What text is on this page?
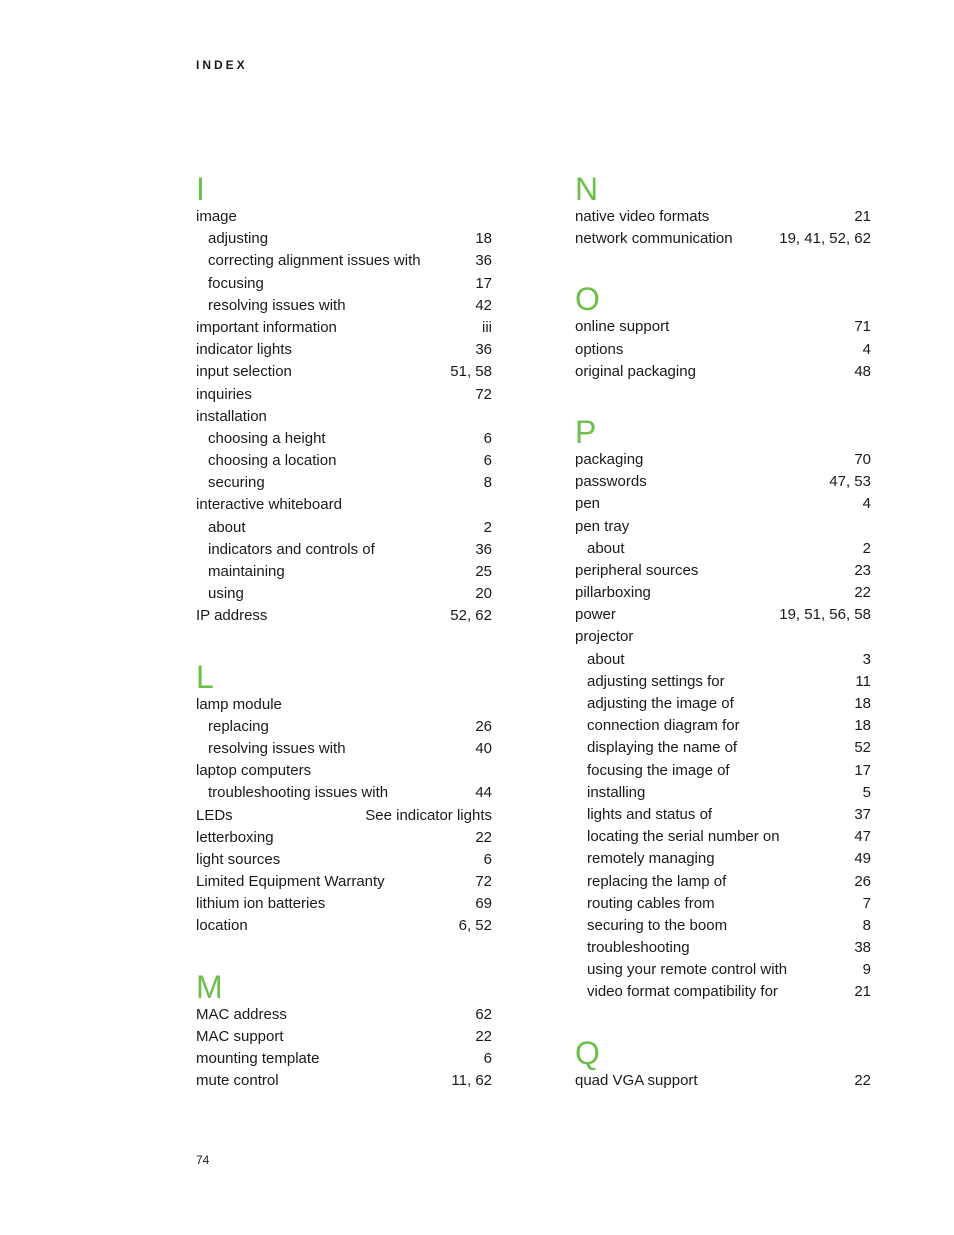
INDEX
I
image
adjusting	18
correcting alignment issues with	36
focusing	17
resolving issues with	42
important information	iii
indicator lights	36
input selection	51, 58
inquiries	72
installation
choosing a height	6
choosing a location	6
securing	8
interactive whiteboard
about	2
indicators and controls of	36
maintaining	25
using	20
IP address	52, 62
L
lamp module
replacing	26
resolving issues with	40
laptop computers
troubleshooting issues with	44
LEDs	See indicator lights
letterboxing	22
light sources	6
Limited Equipment Warranty	72
lithium ion batteries	69
location	6, 52
M
MAC address	62
MAC support	22
mounting template	6
mute control	11, 62
N
native video formats	21
network communication	19, 41, 52, 62
O
online support	71
options	4
original packaging	48
P
packaging	70
passwords	47, 53
pen	4
pen tray
about	2
peripheral sources	23
pillarboxing	22
power	19, 51, 56, 58
projector
about	3
adjusting settings for	11
adjusting the image of	18
connection diagram for	18
displaying the name of	52
focusing the image of	17
installing	5
lights and status of	37
locating the serial number on	47
remotely managing	49
replacing the lamp of	26
routing cables from	7
securing to the boom	8
troubleshooting	38
using your remote control with	9
video format compatibility for	21
Q
quad VGA support	22
74
